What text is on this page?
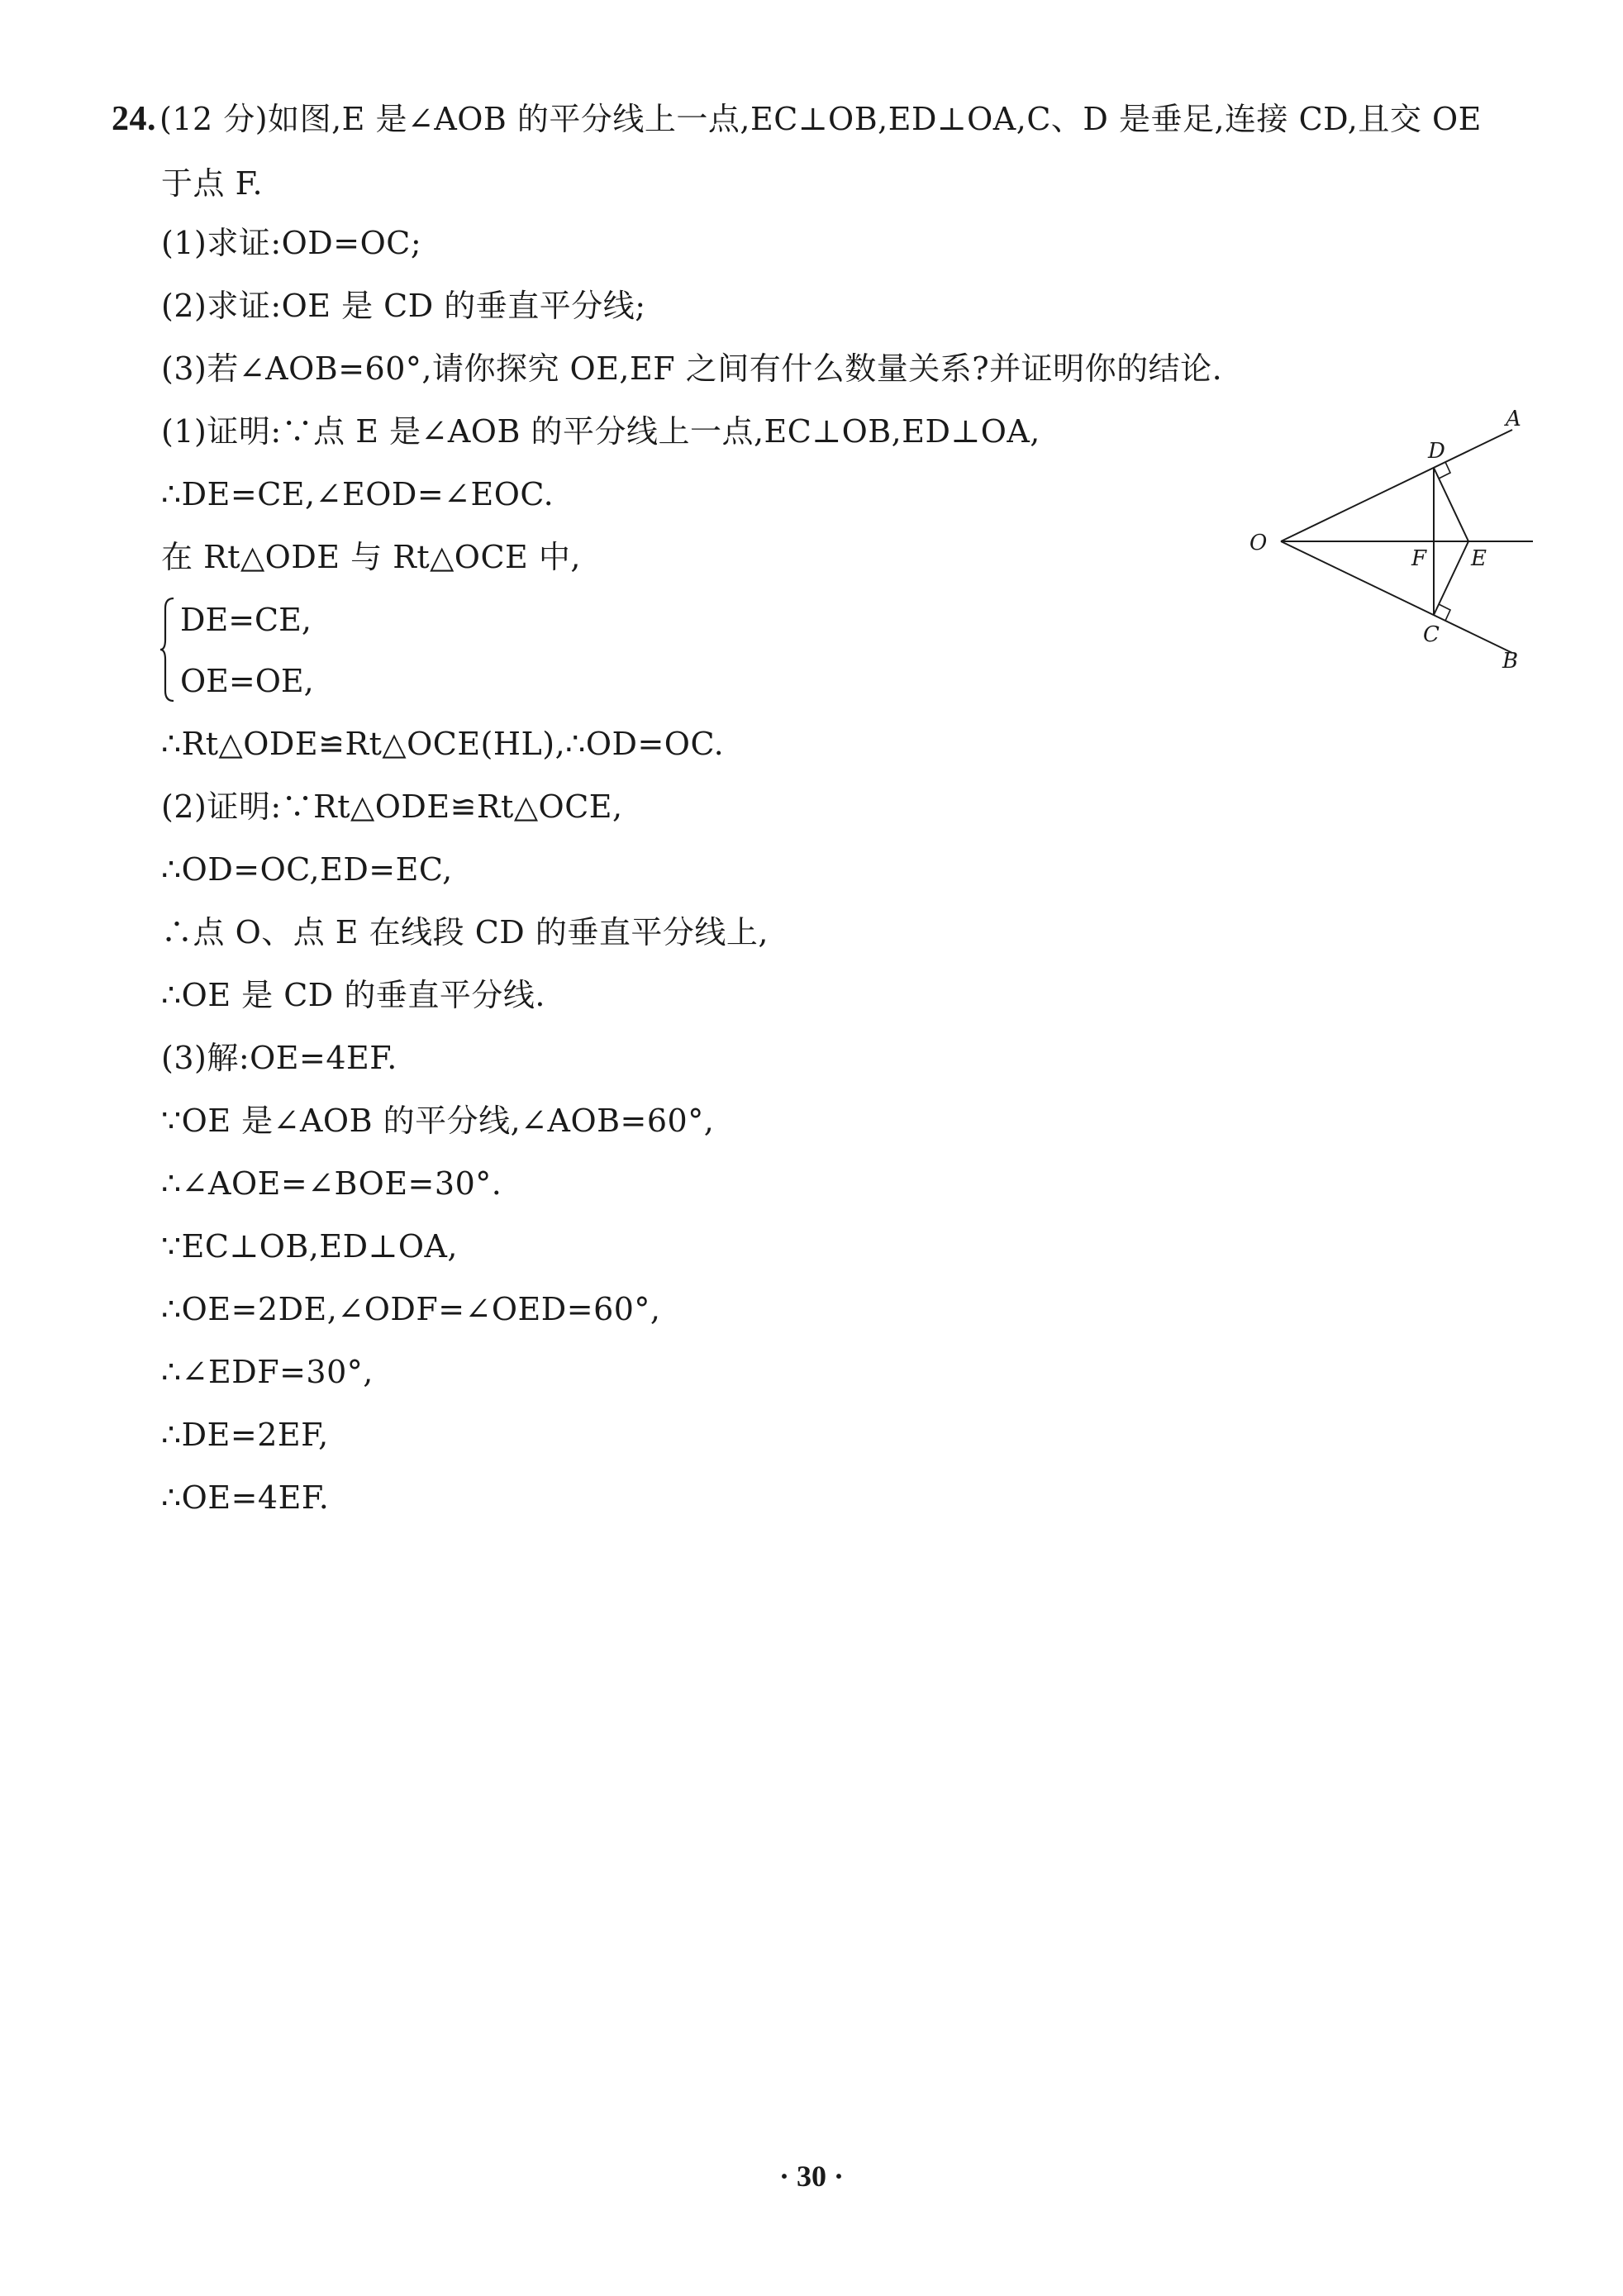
24. (12 分)如图,E 是∠AOB 的平分线上一点,EC⊥OB,ED⊥OA,C、D 是垂足,连接 CD,且交 OE
于点 F.
(1)求证:OD=OC;
(2)求证:OE 是 CD 的垂直平分线;
(3)若∠AOB=60°,请你探究 OE,EF 之间有什么数量关系?并证明你的结论.
(1)证明:∵点 E 是∠AOB 的平分线上一点,EC⊥OB,ED⊥OA,
∴DE=CE,∠EOD=∠EOC.
在 Rt△ODE 与 Rt△OCE 中,
DE=CE,
OE=OE,
∴Rt△ODE≌Rt△OCE(HL),∴OD=OC.
(2)证明:∵Rt△ODE≌Rt△OCE,
∴OD=OC,ED=EC,
∴点 O、点 E 在线段 CD 的垂直平分线上,
∴OE 是 CD 的垂直平分线.
(3)解:OE=4EF.
∵OE 是∠AOB 的平分线,∠AOB=60°,
∴∠AOE=∠BOE=30°.
∵EC⊥OB,ED⊥OA,
∴OE=2DE,∠ODF=∠OED=60°,
∴∠EDF=30°,
∴DE=2EF,
∴OE=4EF.
A
D
O
F E
C
B
· 30 ·
